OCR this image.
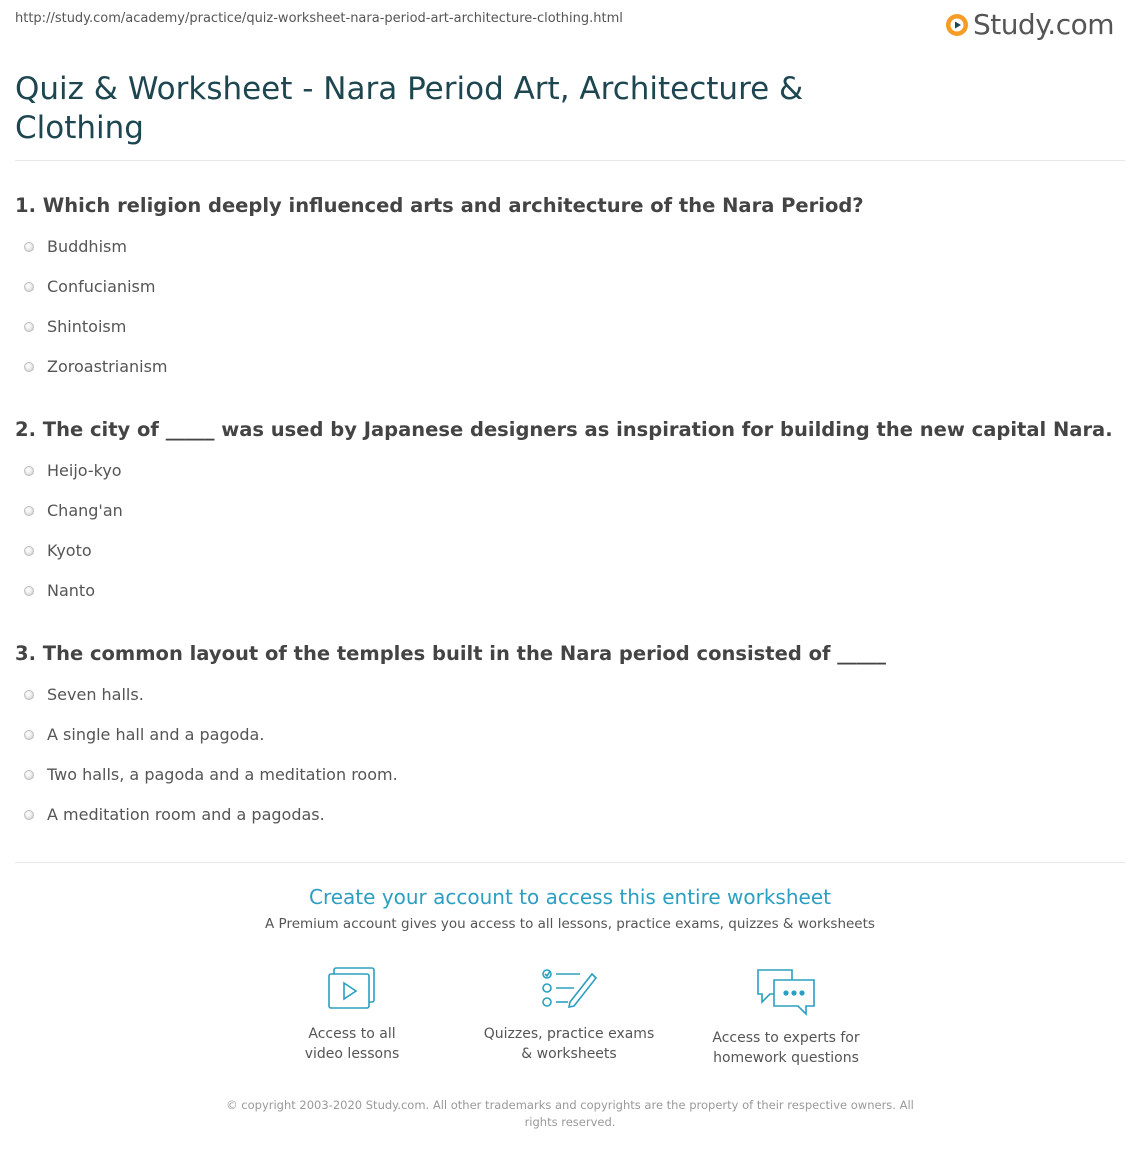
http://study.com/academy/practice/quiz-worksheet-nara-period-art-architecture-clothing.html	Study.com
Quiz & Worksheet - Nara Period Art, Architecture & Clothing
1. Which religion deeply influenced arts and architecture of the Nara Period?
Buddhism
Confucianism
Shintoism
Zoroastrianism
2. The city of _____ was used by Japanese designers as inspiration for building the new capital Nara.
Heijo-kyo
Chang'an
Kyoto
Nanto
3. The common layout of the temples built in the Nara period consisted of _____
Seven halls.
A single hall and a pagoda.
Two halls, a pagoda and a meditation room.
A meditation room and a pagodas.
Create your account to access this entire worksheet
A Premium account gives you access to all lessons, practice exams, quizzes & worksheets
Access to all
video lessons
Quizzes, practice exams
& worksheets
Access to experts for
homework questions
© copyright 2003-2020 Study.com. All other trademarks and copyrights are the property of their respective owners. All rights reserved.
